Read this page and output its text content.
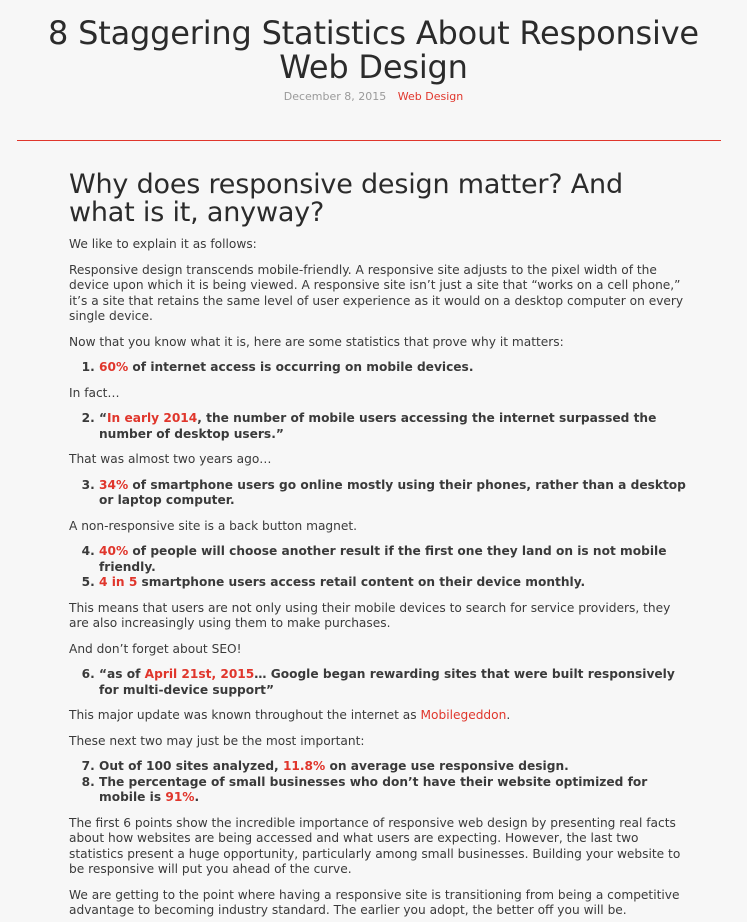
8 Staggering Statistics About Responsive Web Design
December 8, 2015 Web Design
Why does responsive design matter? And what is it, anyway?

We like to explain it as follows:

Responsive design transcends mobile-friendly. A responsive site adjusts to the pixel width of the device upon which it is being viewed. A responsive site isn’t just a site that “works on a cell phone,” it’s a site that retains the same level of user experience as it would on a desktop computer on every single device.

Now that you know what it is, here are some statistics that prove why it matters:

1. 60% of internet access is occurring on mobile devices.

In fact…

2. “In early 2014, the number of mobile users accessing the internet surpassed the number of desktop users.”

That was almost two years ago…

3. 34% of smartphone users go online mostly using their phones, rather than a desktop or laptop computer.

A non-responsive site is a back button magnet.

4. 40% of people will choose another result if the first one they land on is not mobile friendly.
5. 4 in 5 smartphone users access retail content on their device monthly.

This means that users are not only using their mobile devices to search for service providers, they are also increasingly using them to make purchases.

And don’t forget about SEO!

6. “as of April 21st, 2015… Google began rewarding sites that were built responsively for multi-device support”

This major update was known throughout the internet as Mobilegeddon.

These next two may just be the most important:

7. Out of 100 sites analyzed, 11.8% on average use responsive design.
8. The percentage of small businesses who don’t have their website optimized for mobile is 91%.

The first 6 points show the incredible importance of responsive web design by presenting real facts about how websites are being accessed and what users are expecting. However, the last two statistics present a huge opportunity, particularly among small businesses. Building your website to be responsive will put you ahead of the curve.

We are getting to the point where having a responsive site is transitioning from being a competitive advantage to becoming industry standard. The earlier you adopt, the better off you will be.
